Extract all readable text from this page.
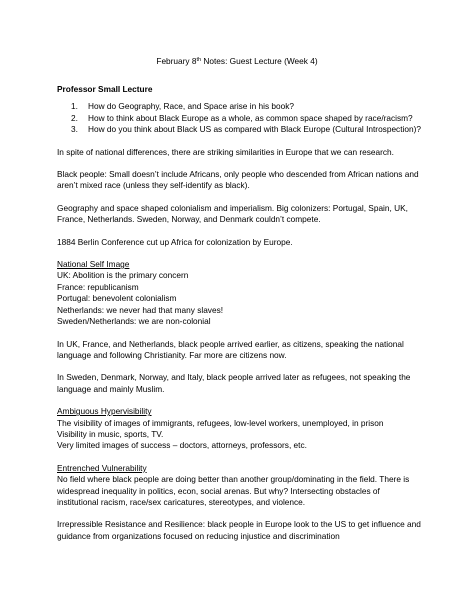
February 8th Notes: Guest Lecture (Week 4)

Professor Small Lecture

1.	How do Geography, Race, and Space arise in his book?
2.	How to think about Black Europe as a whole, as common space shaped by race/racism?
3.	How do you think about Black US as compared with Black Europe (Cultural Introspection)?

In spite of national differences, there are striking similarities in Europe that we can research.

Black people: Small doesn’t include Africans, only people who descended from African nations and aren’t mixed race (unless they self-identify as black).

Geography and space shaped colonialism and imperialism. Big colonizers: Portugal, Spain, UK, France, Netherlands. Sweden, Norway, and Denmark couldn’t compete.

1884 Berlin Conference cut up Africa for colonization by Europe.

National Self Image

UK: Abolition is the primary concern

France: republicanism

Portugal: benevolent colonialism

Netherlands: we never had that many slaves!

Sweden/Netherlands: we are non-colonial

In UK, France, and Netherlands, black people arrived earlier, as citizens, speaking the national language and following Christianity. Far more are citizens now.

In Sweden, Denmark, Norway, and Italy, black people arrived later as refugees, not speaking the language and mainly Muslim.

Ambiguous Hypervisibility

The visibility of images of immigrants, refugees, low-level workers, unemployed, in prison

Visibility in music, sports, TV.

Very limited images of success – doctors, attorneys, professors, etc.

Entrenched Vulnerability

No field where black people are doing better than another group/dominating in the field. There is widespread inequality in politics, econ, social arenas. But why? Intersecting obstacles of institutional racism, race/sex caricatures, stereotypes, and violence.

Irrepressible Resistance and Resilience: black people in Europe look to the US to get influence and guidance from organizations focused on reducing injustice and discrimination
